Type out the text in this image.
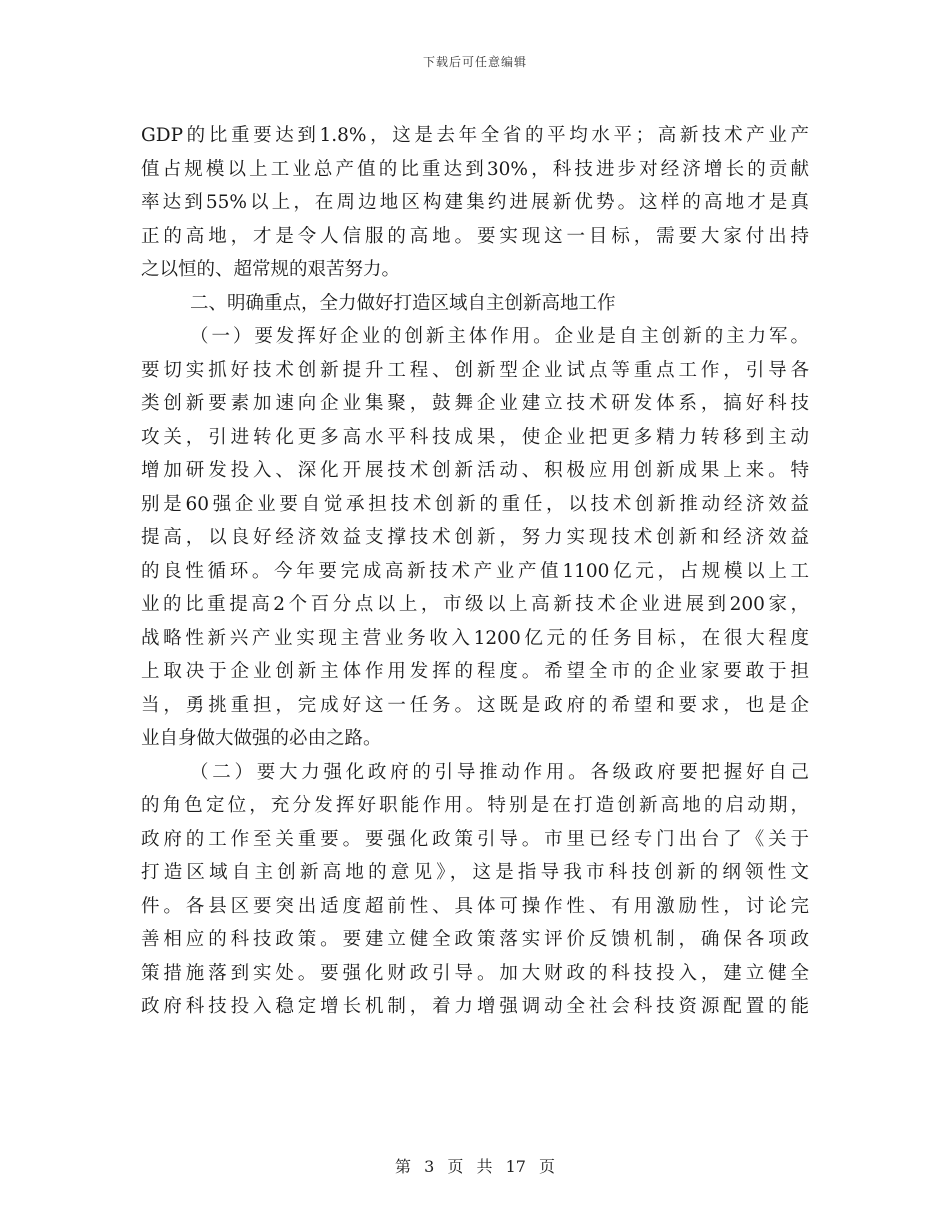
下载后可任意编辑
GDP的比重要达到1.8%，这是去年全省的平均水平；高新技术产业产
值占规模以上工业总产值的比重达到30%，科技进步对经济增长的贡献
率达到55%以上，在周边地区构建集约进展新优势。这样的高地才是真
正的高地，才是令人信服的高地。要实现这一目标，需要大家付出持
之以恒的、超常规的艰苦努力。
二、明确重点，全力做好打造区域自主创新高地工作
（一）要发挥好企业的创新主体作用。企业是自主创新的主力军。
要切实抓好技术创新提升工程、创新型企业试点等重点工作，引导各
类创新要素加速向企业集聚，鼓舞企业建立技术研发体系，搞好科技
攻关，引进转化更多高水平科技成果，使企业把更多精力转移到主动
增加研发投入、深化开展技术创新活动、积极应用创新成果上来。特
别是60强企业要自觉承担技术创新的重任，以技术创新推动经济效益
提高，以良好经济效益支撑技术创新，努力实现技术创新和经济效益
的良性循环。今年要完成高新技术产业产值1100亿元，占规模以上工
业的比重提高2个百分点以上，市级以上高新技术企业进展到200家，
战略性新兴产业实现主营业务收入1200亿元的任务目标，在很大程度
上取决于企业创新主体作用发挥的程度。希望全市的企业家要敢于担
当，勇挑重担，完成好这一任务。这既是政府的希望和要求，也是企
业自身做大做强的必由之路。
（二）要大力强化政府的引导推动作用。各级政府要把握好自己
的角色定位，充分发挥好职能作用。特别是在打造创新高地的启动期，
政府的工作至关重要。要强化政策引导。市里已经专门出台了《关于
打造区域自主创新高地的意见》，这是指导我市科技创新的纲领性文
件。各县区要突出适度超前性、具体可操作性、有用激励性，讨论完
善相应的科技政策。要建立健全政策落实评价反馈机制，确保各项政
策措施落到实处。要强化财政引导。加大财政的科技投入，建立健全
政府科技投入稳定增长机制，着力增强调动全社会科技资源配置的能
第 3 页 共 17 页
